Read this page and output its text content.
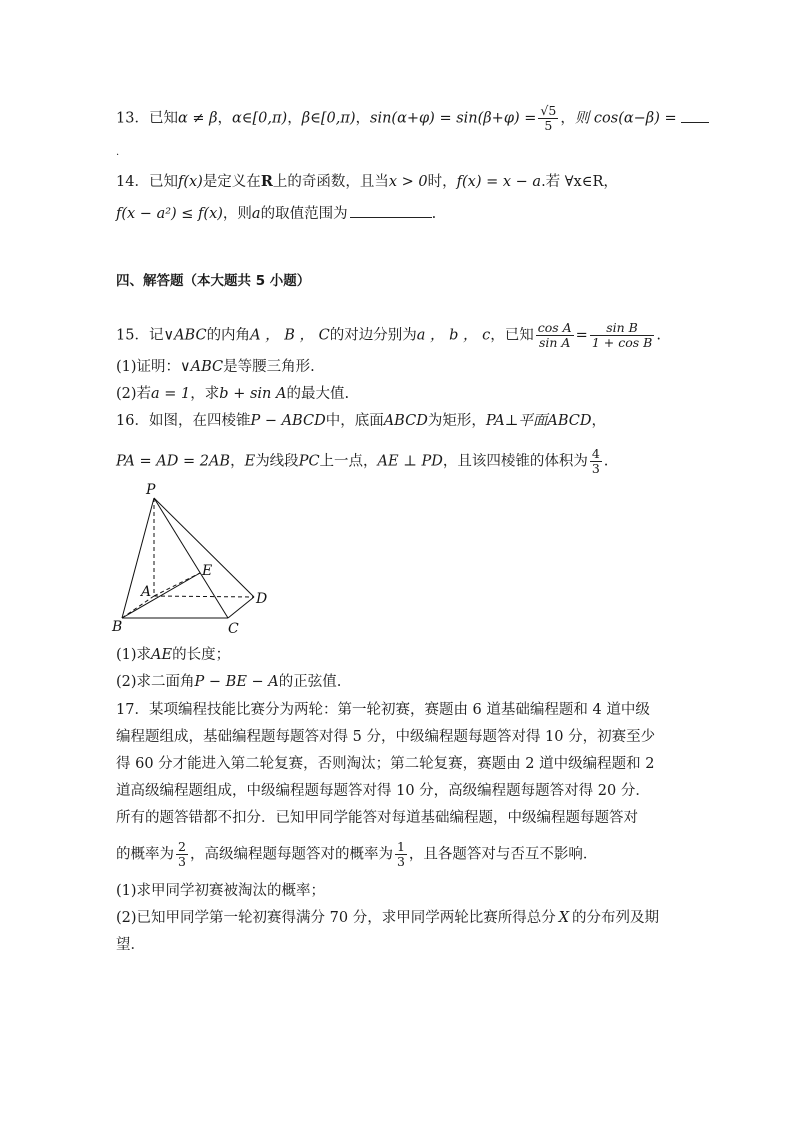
13．已知α ≠ β，α∈[0,π)，β∈[0,π)，$\sin(\alpha+\varphi) = \sin(\beta+\varphi) = \frac{√5}{5}$ ，则 cos(α−β) =
.
14．已知f(x)是定义在R上的奇函数，且当x > 0时，f(x) = x − a.若 ∀x∈R，
f(x − a²) ≤ f(x)，则a的取值范围为	.
四、解答题（本大题共 5 小题）
15．记∨ABC的内角A ， B ， C的对边分别为a ， b ， c，已知 $\frac{\text{cos A}}{\text{sin A}} = \frac{\text{sin B}}{\text{1 + cos B}}$ .
(1)证明：∨ABC是等腰三角形.
(2)若a = 1，求b + sin A的最大值.
16．如图，在四棱锥P − ABCD中，底面ABCD为矩形，PA⊥平面ABCD，
PA = AD = 2AB，E为线段PC上一点，AE ⊥ PD，且该四棱锥的体积为 $\frac{4}{3}$ .
P
A
B	C
D
E
(1)求AE的长度；
(2)求二面角P − BE − A的正弦值.
17．某项编程技能比赛分为两轮：第一轮初赛，赛题由 6 道基础编程题和 4 道中级
编程题组成，基础编程题每题答对得 5 分，中级编程题每题答对得 10 分，初赛至少
得 60 分才能进入第二轮复赛，否则淘汰；第二轮复赛，赛题由 2 道中级编程题和 2
道高级编程题组成，中级编程题每题答对得 10 分，高级编程题每题答对得 20 分．
所有的题答错都不扣分．已知甲同学能答对每道基础编程题，中级编程题每题答对
的概率为 $\frac{2}{3}$ ，高级编程题每题答对的概率为 $\frac{1}{3}$ ，且各题答对与否互不影响．
(1)求甲同学初赛被淘汰的概率；
(2)已知甲同学第一轮初赛得满分 70 分，求甲同学两轮比赛所得总分 X 的分布列及期
望．
